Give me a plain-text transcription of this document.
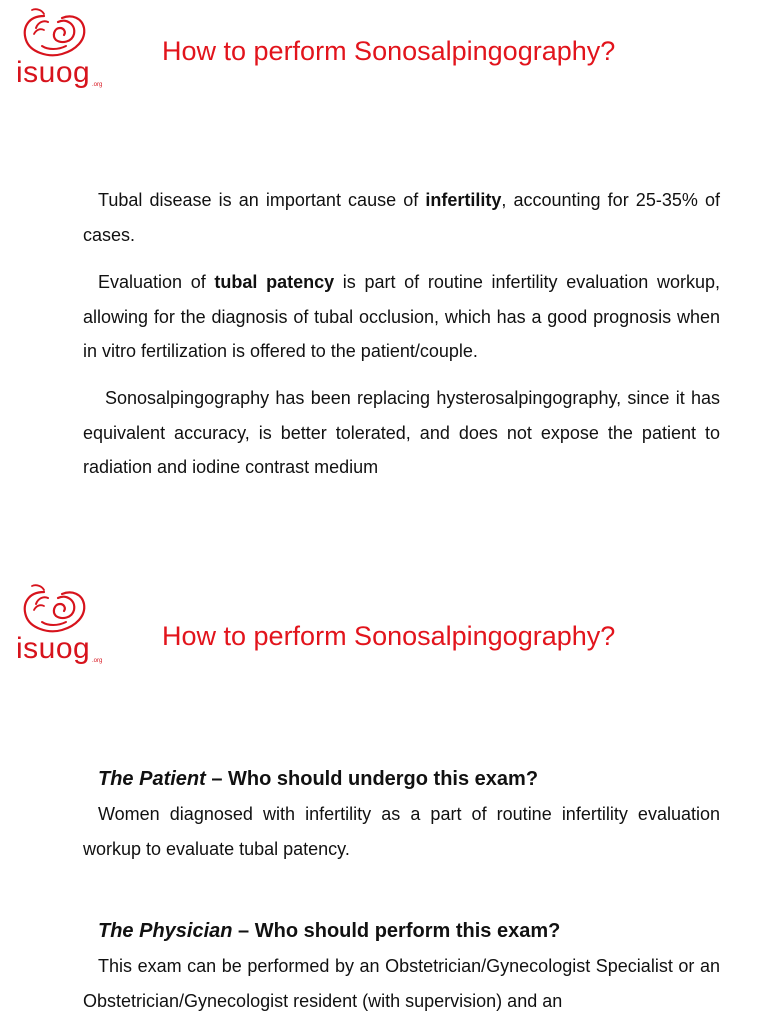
isuog .org
How to perform Sonosalpingography?

Tubal disease is an important cause of infertility, accounting for 25-35% of cases.

Evaluation of tubal patency is part of routine infertility evaluation workup, allowing for the diagnosis of tubal occlusion, which has a good prognosis when in vitro fertilization is offered to the patient/couple.

Sonosalpingography has been replacing hysterosalpingography, since it has equivalent accuracy, is better tolerated, and does not expose the patient to radiation and iodine contrast medium

isuog .org
How to perform Sonosalpingography?
The Patient – Who should undergo this exam?

Women diagnosed with infertility as a part of routine infertility evaluation workup to evaluate tubal patency.

The Physician – Who should perform this exam?

This exam can be performed by an Obstetrician/Gynecologist Specialist or an Obstetrician/Gynecologist resident (with supervision) and an
